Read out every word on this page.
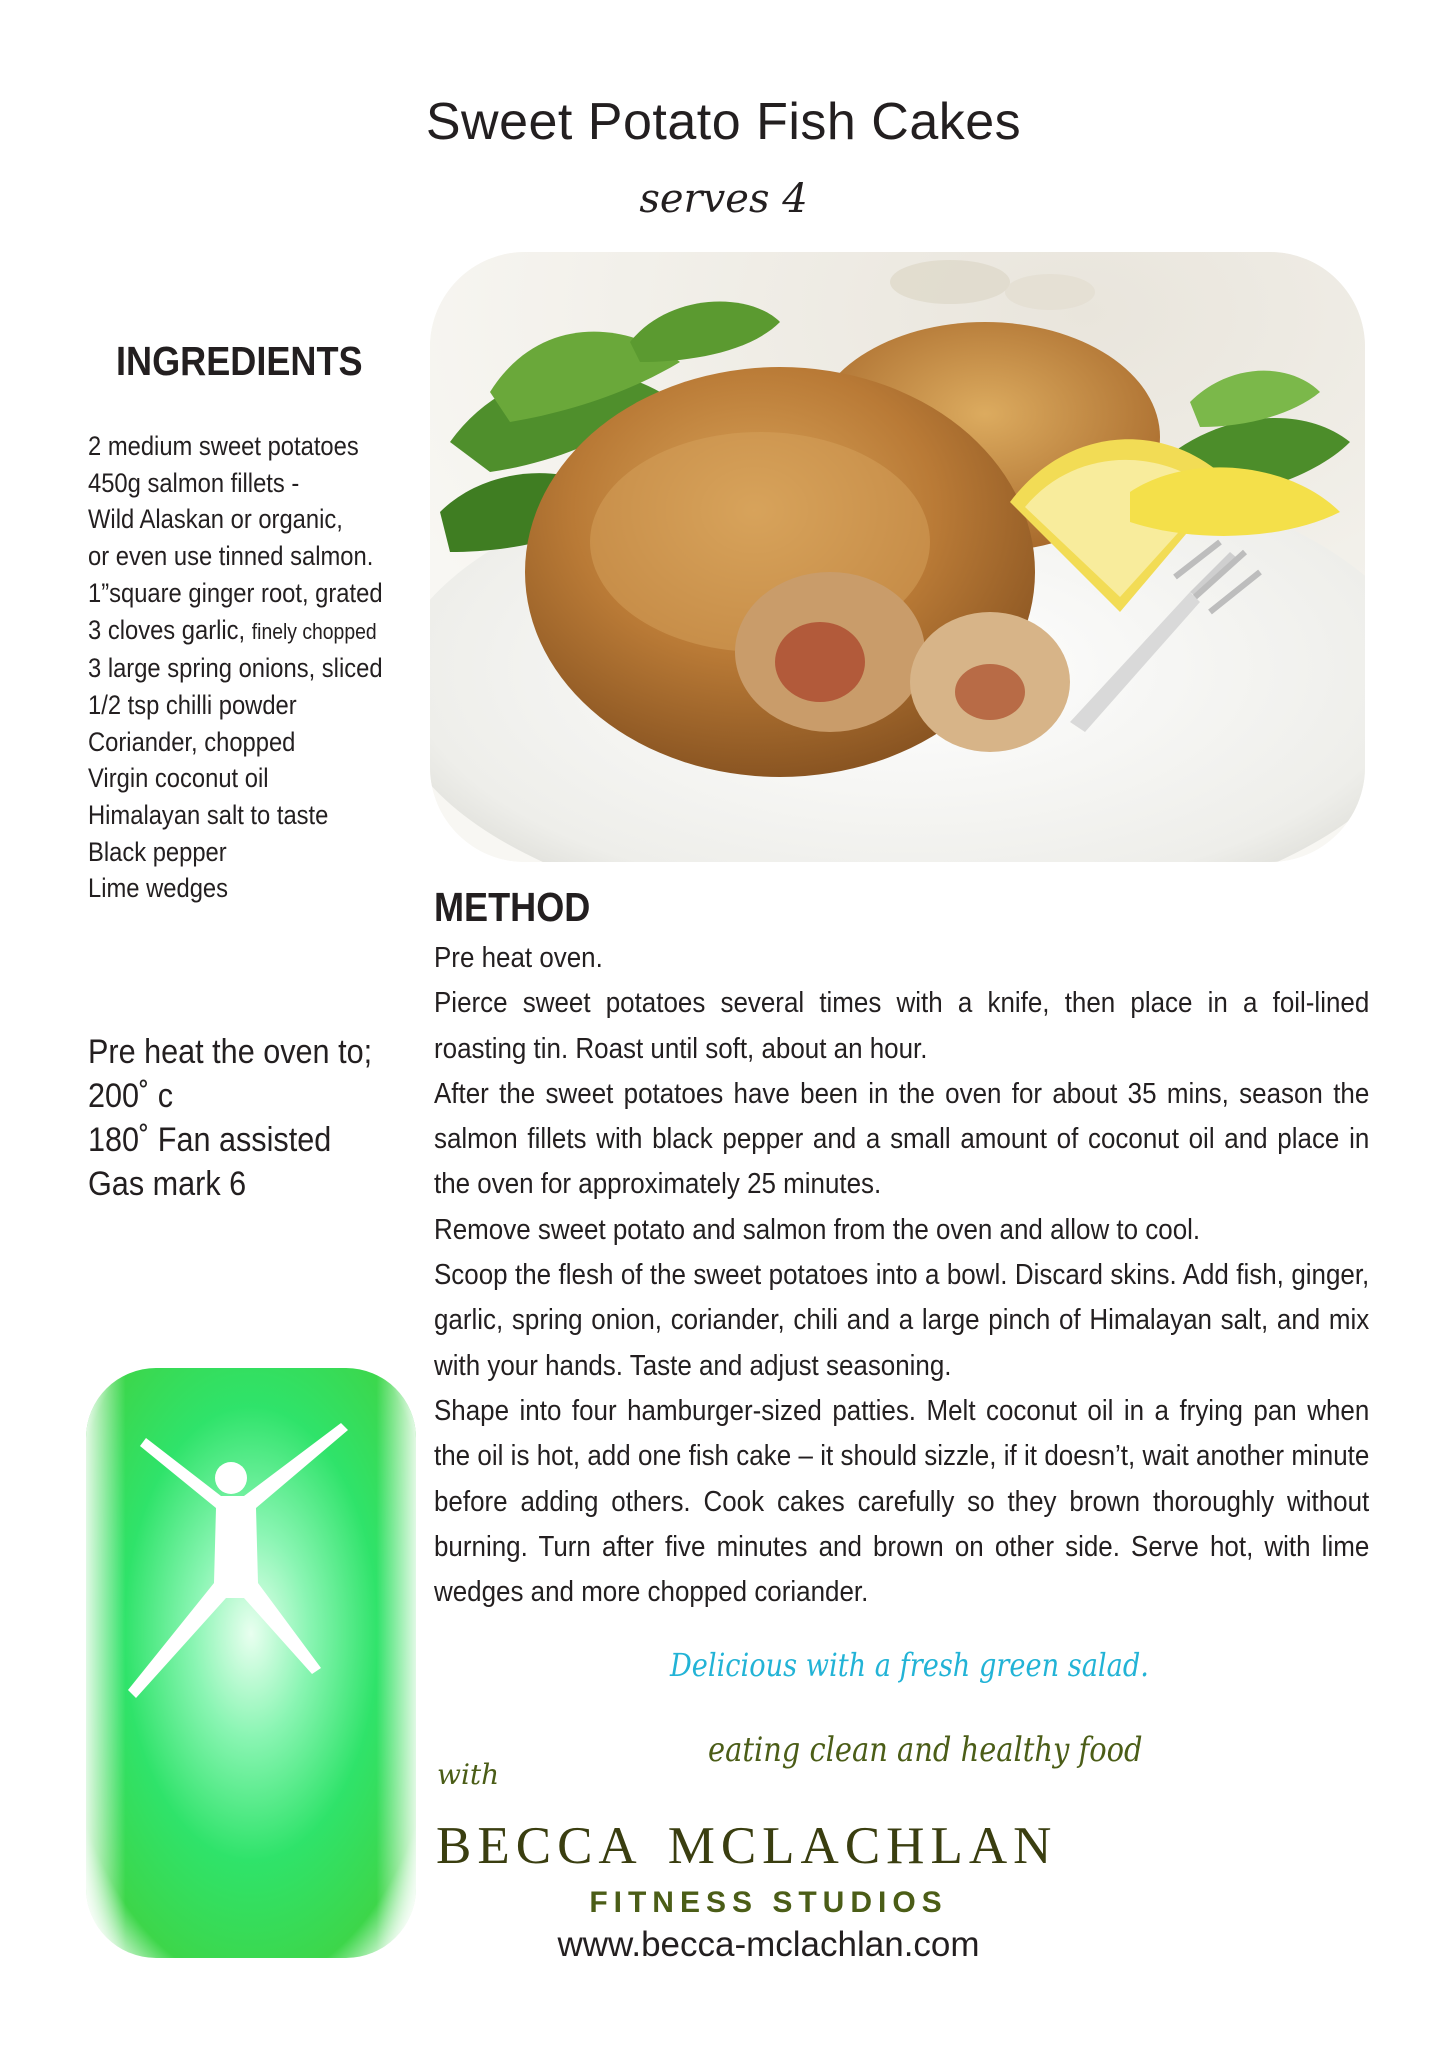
Sweet Potato Fish Cakes
serves 4
INGREDIENTS
2 medium sweet potatoes
450g salmon fillets -
Wild Alaskan or organic,
or even use tinned salmon.
1”square ginger root, grated
3 cloves garlic, finely chopped
3 large spring onions, sliced
1/2 tsp chilli powder
Coriander, chopped
Virgin coconut oil
Himalayan salt to taste
Black pepper
Lime wedges
Pre heat the oven to;
200˚ c
180˚ Fan assisted
Gas mark 6
METHOD

Pre heat oven.

Pierce sweet potatoes several times with a knife, then place in a foil-lined roasting tin. Roast until soft, about an hour.

After the sweet potatoes have been in the oven for about 35 mins, season the salmon fillets with black pepper and a small amount of coconut oil and place in the oven for approximately 25 minutes.

Remove sweet potato and salmon from the oven and allow to cool.

Scoop the flesh of the sweet potatoes into a bowl. Discard skins. Add fish, ginger, garlic, spring onion, coriander, chili and a large pinch of Himalayan salt, and mix with your hands. Taste and adjust seasoning.

Shape into four hamburger-sized patties. Melt coconut oil in a frying pan when the oil is hot, add one fish cake – it should sizzle, if it doesn’t, wait another minute before adding others. Cook cakes carefully so they brown thoroughly without burning. Turn after five minutes and brown on other side. Serve hot, with lime wedges and more chopped coriander.

Delicious with a fresh green salad.
eating clean and healthy food
with
becca mclachlan
FITNESS STUDIOS
www.becca-mclachlan.com
